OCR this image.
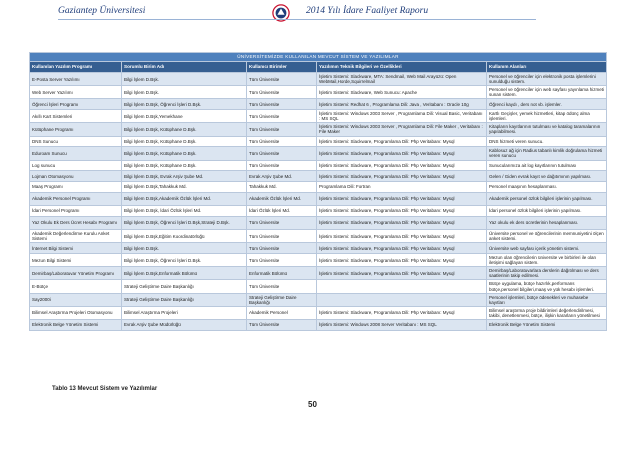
Gaziantep Üniversitesi	2014 Yılı İdare Faaliyet Raporu
ÜNİVERSİTEMİZDE KULLANILAN MEVCUT SİSTEM VE YAZILIMLAR				
Kullanılan Yazılım Programı	Sorumlu Birim Adı	Kullanıcı Birimler	Yazılımın Teknik Bilgileri ve Özellikleri	Kullanım Alanları
E-Posta Server Yazılımı	Bilgi İşlem D.Bşk.	Tüm Üniversite	İşletim Sistemi: Slackware, MTA: Sendmail, Web Mail Arayüzü: Open WebMail,Horde,Squirrelmail	Personel ve öğrenciler için elektronik posta işlemlerini sunulduğu sistem.
Web Server Yazılımı	Bilgi İşlem D.Bşk.	Tüm Üniversite	İşletim Sistemi: Slackware, Web Sunucu: Apache	Personel ve öğrenciler için web sayfası yayınlama hizmeti sunan sistem.
Öğrenci İşleri Programı	Bilgi İşlem D.Bşk, Öğrenci İşleri D.Bşk.	Tüm Üniversite	İşletim Sistemi: Redhat 6 , Programlama Dili: Java , Veritabanı : Oracle 10g	Öğrenci kaydı , ders not vb. işlemler.
Akıllı Kart Sistemleri	Bilgi İşlem D.Bşk,Yemekhane	Tüm Üniversite	İşletim Sistemi: Windows 2003 Server , Programlama Dili: Visual Basic, Veritabanı : MS SQL	Kartlı Geçişler, yemek hizmetleri, kitap ödünç alma işlemleri.
Kütüphane Programı	Bilgi İşlem D.Bşk, Kütüphane D.Bşk.	Tüm Üniversite	İşletim Sistemi: Windows 2003 Server , Programlama Dili: File Maker , Veritabanı : File Maker	Kitapların kayıtlarının tutulması ve katalog taramalarının yapılabilmesi.
DNS Sunucu	Bilgi İşlem D.Bşk, Kütüphane D.Bşk.	Tüm Üniversite	İşletim Sistemi: Slackware, Programlama Dili: Php Veritabanı: Mysql	DNS hizmeti veren sunucu.
Eduroam Sunucu	Bilgi İşlem D.Bşk, Kütüphane D.Bşk.	Tüm Üniversite	İşletim Sistemi: Slackware, Programlama Dili: Php Veritabanı: Mysql	Kablosuz ağ için Radius tabanlı kimlik doğrulama hizmeti veren sunucu
Log sunucu	Bilgi İşlem D.Bşk, Kütüphane D.Bşk.	Tüm Üniversite	İşletim Sistemi: Slackware, Programlama Dili: Php Veritabanı: Mysql	Sunucularımıza ait log kayıtlarının tutulması
Lojman Otomasyonu	Bilgi İşlem D.Bşk, Evrak Arşiv Şube Md.	Evrak Arşiv Şube Md.	İşletim Sistemi: Slackware, Programlama Dili: Php Veritabanı: Mysql	Gelen / Giden evrak kayıt ve dağıtımının yapılması.
Maaş Programı	Bilgi İşlem D.Bşk,Tahakkuk Md.	Tahakkuk Md.	Programlama Dili: Fortran	Personel maaşının hesaplanması.
Akademik Personel Programı	Bilgi İşlem D.Bşk,Akademik Özlük İşleri Md.	Akademik Özlük İşleri Md.	İşletim Sistemi: Slackware, Programlama Dili: Php Veritabanı: Mysql	Akademik personel özlük bilgileri işlerinin yapılması.
İdari Personel Programı	Bilgi İşlem D.Bşk, İdari Özlük İşleri Md.	İdari Özlük İşleri Md.	İşletim Sistemi: Slackware, Programlama Dili: Php Veritabanı: Mysql	İdari personel özlük bilgileri işlerinin yapılması.
Yaz Okulu Ek Ders Ücret Hesabı Programı	Bilgi İşlem D.Bşk, Öğrenci İşleri D.Bşk,Strateji D.Bşk.	Tüm Üniversite	İşletim Sistemi: Slackware, Programlama Dili: Php Veritabanı: Mysql	Yaz okulu ek ders ücretlerinin hesaplanması.
Akademik Değerlendirme Kurulu Anket Sistemi	Bilgi İşlem D.Bşk,Eğitim Koordinatörlüğü	Tüm Üniversite	İşletim Sistemi: Slackware, Programlama Dili: Php Veritabanı: Mysql	Üniversite personel ve öğrencilerinin memnuniyetini ölçen anket sistemi.
İnternet Bilgi Sistemi	Bilgi İşlem D.Bşk.	Tüm Üniversite	İşletim Sistemi: Slackware, Programlama Dili: Php Veritabanı: Mysql	Üniversite web sayfası içerik yönetim sistemi.
Mezun Bilgi Sistemi	Bilgi İşlem D.Bşk, Öğrenci İşleri D.Bşk.	Tüm Üniversite	İşletim Sistemi: Slackware, Programlama Dili: Php Veritabanı: Mysql	Mezun olan öğrencilerin üniversite ve birbirleri ile olan iletişimi sağlayan sistem.
Demirbaş/Laboratuvar Yönetim Programı	Bilgi İşlem D.Bşk,Enformatik Bölümü	Enformatik Bölümü	İşletim Sistemi: Slackware, Programlama Dili: Php Veritabanı: Mysql	Demirbaş/Laboratuvarlara derslerin dağıtılması ve ders saatlerinin takip edilmesi.
E-Bütçe	Strateji Geliştirme Daire Başkanlığı	Tüm Üniversite		Bütçe uygulama, bütçe hazırlık,performans bütçe,personel bilgileri,maaş ve yük hesabı işlemleri.
Say2000i	Strateji Geliştirme Daire Başkanlığı	Strateji Geliştirme Daire Başkanlığı		Personel işlemleri, bütçe ödenekleri ve muhasebe kayıtları
Bilimsel Araştırma Projeleri Otomasyonu	Bilimsel Araştırma Projeleri	Akademik Personel	İşletim Sistemi: Slackware, Programlama Dili: Php Veritabanı: Mysql	Bilimsel araştırma proje bildirimleri değerlendirilmesi, takibi, denetlenmesi, bütçe, ilişkin kararların yönetilmesi
Elektronik Belge Yönetim Sistemi	Evrak Arşiv Şube Müdürlüğü	Tüm Üniversite	İşletim Sistemi: Windows 2008 Server Veritabanı : MS SQL	Elektronik Belge Yönetim Sistemi
Tablo 13 Mevcut Sistem ve Yazılımlar
50
